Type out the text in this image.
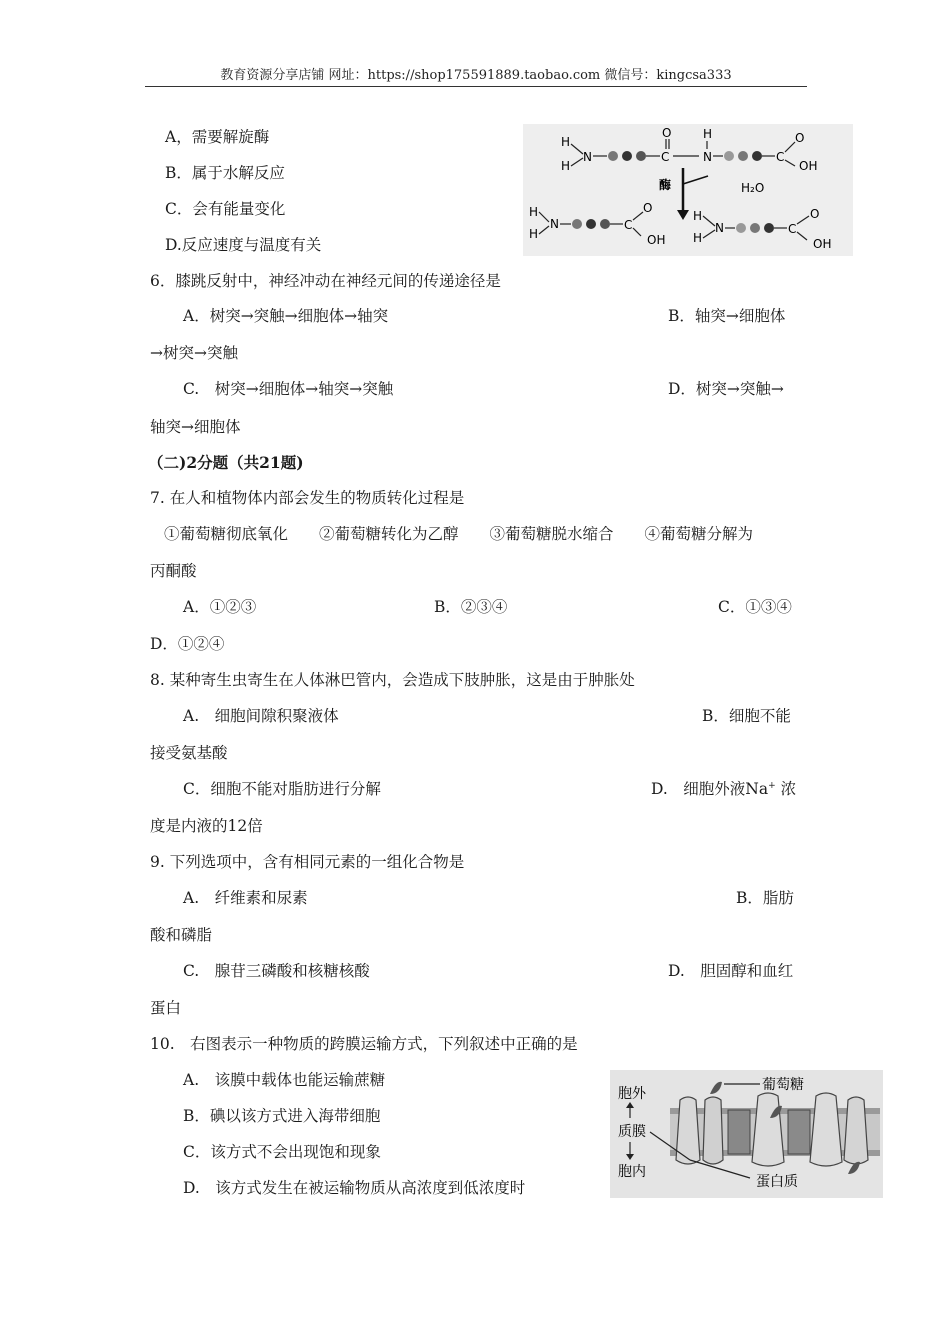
教育资源分享店铺 网址：https://shop175591889.taobao.com 微信号：kingcsa333
A，需要解旋酶
B．属于水解反应
C．会有能量变化
D.反应速度与温度有关
H
H
N	C
O
N
H
C
O
OH
酶	H₂O
H
H
N	C
O
OH
H
H
N	C
O
OH
6．膝跳反射中，神经冲动在神经元间的传递途径是
A．树突→突触→细胞体→轴突	B．轴突→细胞体
→树突→突触
C.　树突→细胞体→轴突→突触	D．树突→突触→
轴突→细胞体
（二)2分题（共21题)
7. 在人和植物体内部会发生的物质转化过程是
①葡萄糖彻底氧化　　②葡萄糖转化为乙醇　　③葡萄糖脱水缩合　　④葡萄糖分解为
丙酮酸
A．①②③	B．②③④	C．①③④
D．①②④
8. 某种寄生虫寄生在人体淋巴管内，会造成下肢肿胀，这是由于肿胀处
A.　细胞间隙积聚液体	B．细胞不能
接受氨基酸
C．细胞不能对脂肪进行分解	D.　细胞外液Na+ 浓
度是内液的12倍
9. 下列选项中，含有相同元素的一组化合物是
A.　纤维素和尿素	B．脂肪
酸和磷脂
C.　腺苷三磷酸和核糖核酸	D.　胆固醇和血红
蛋白
10.　右图表示一种物质的跨膜运输方式，下列叙述中正确的是
A.　该膜中载体也能运输蔗糖
B．碘以该方式进入海带细胞
C．该方式不会出现饱和现象
D.　该方式发生在被运输物质从高浓度到低浓度时
葡萄糖
胞外
质膜
胞内
蛋白质
